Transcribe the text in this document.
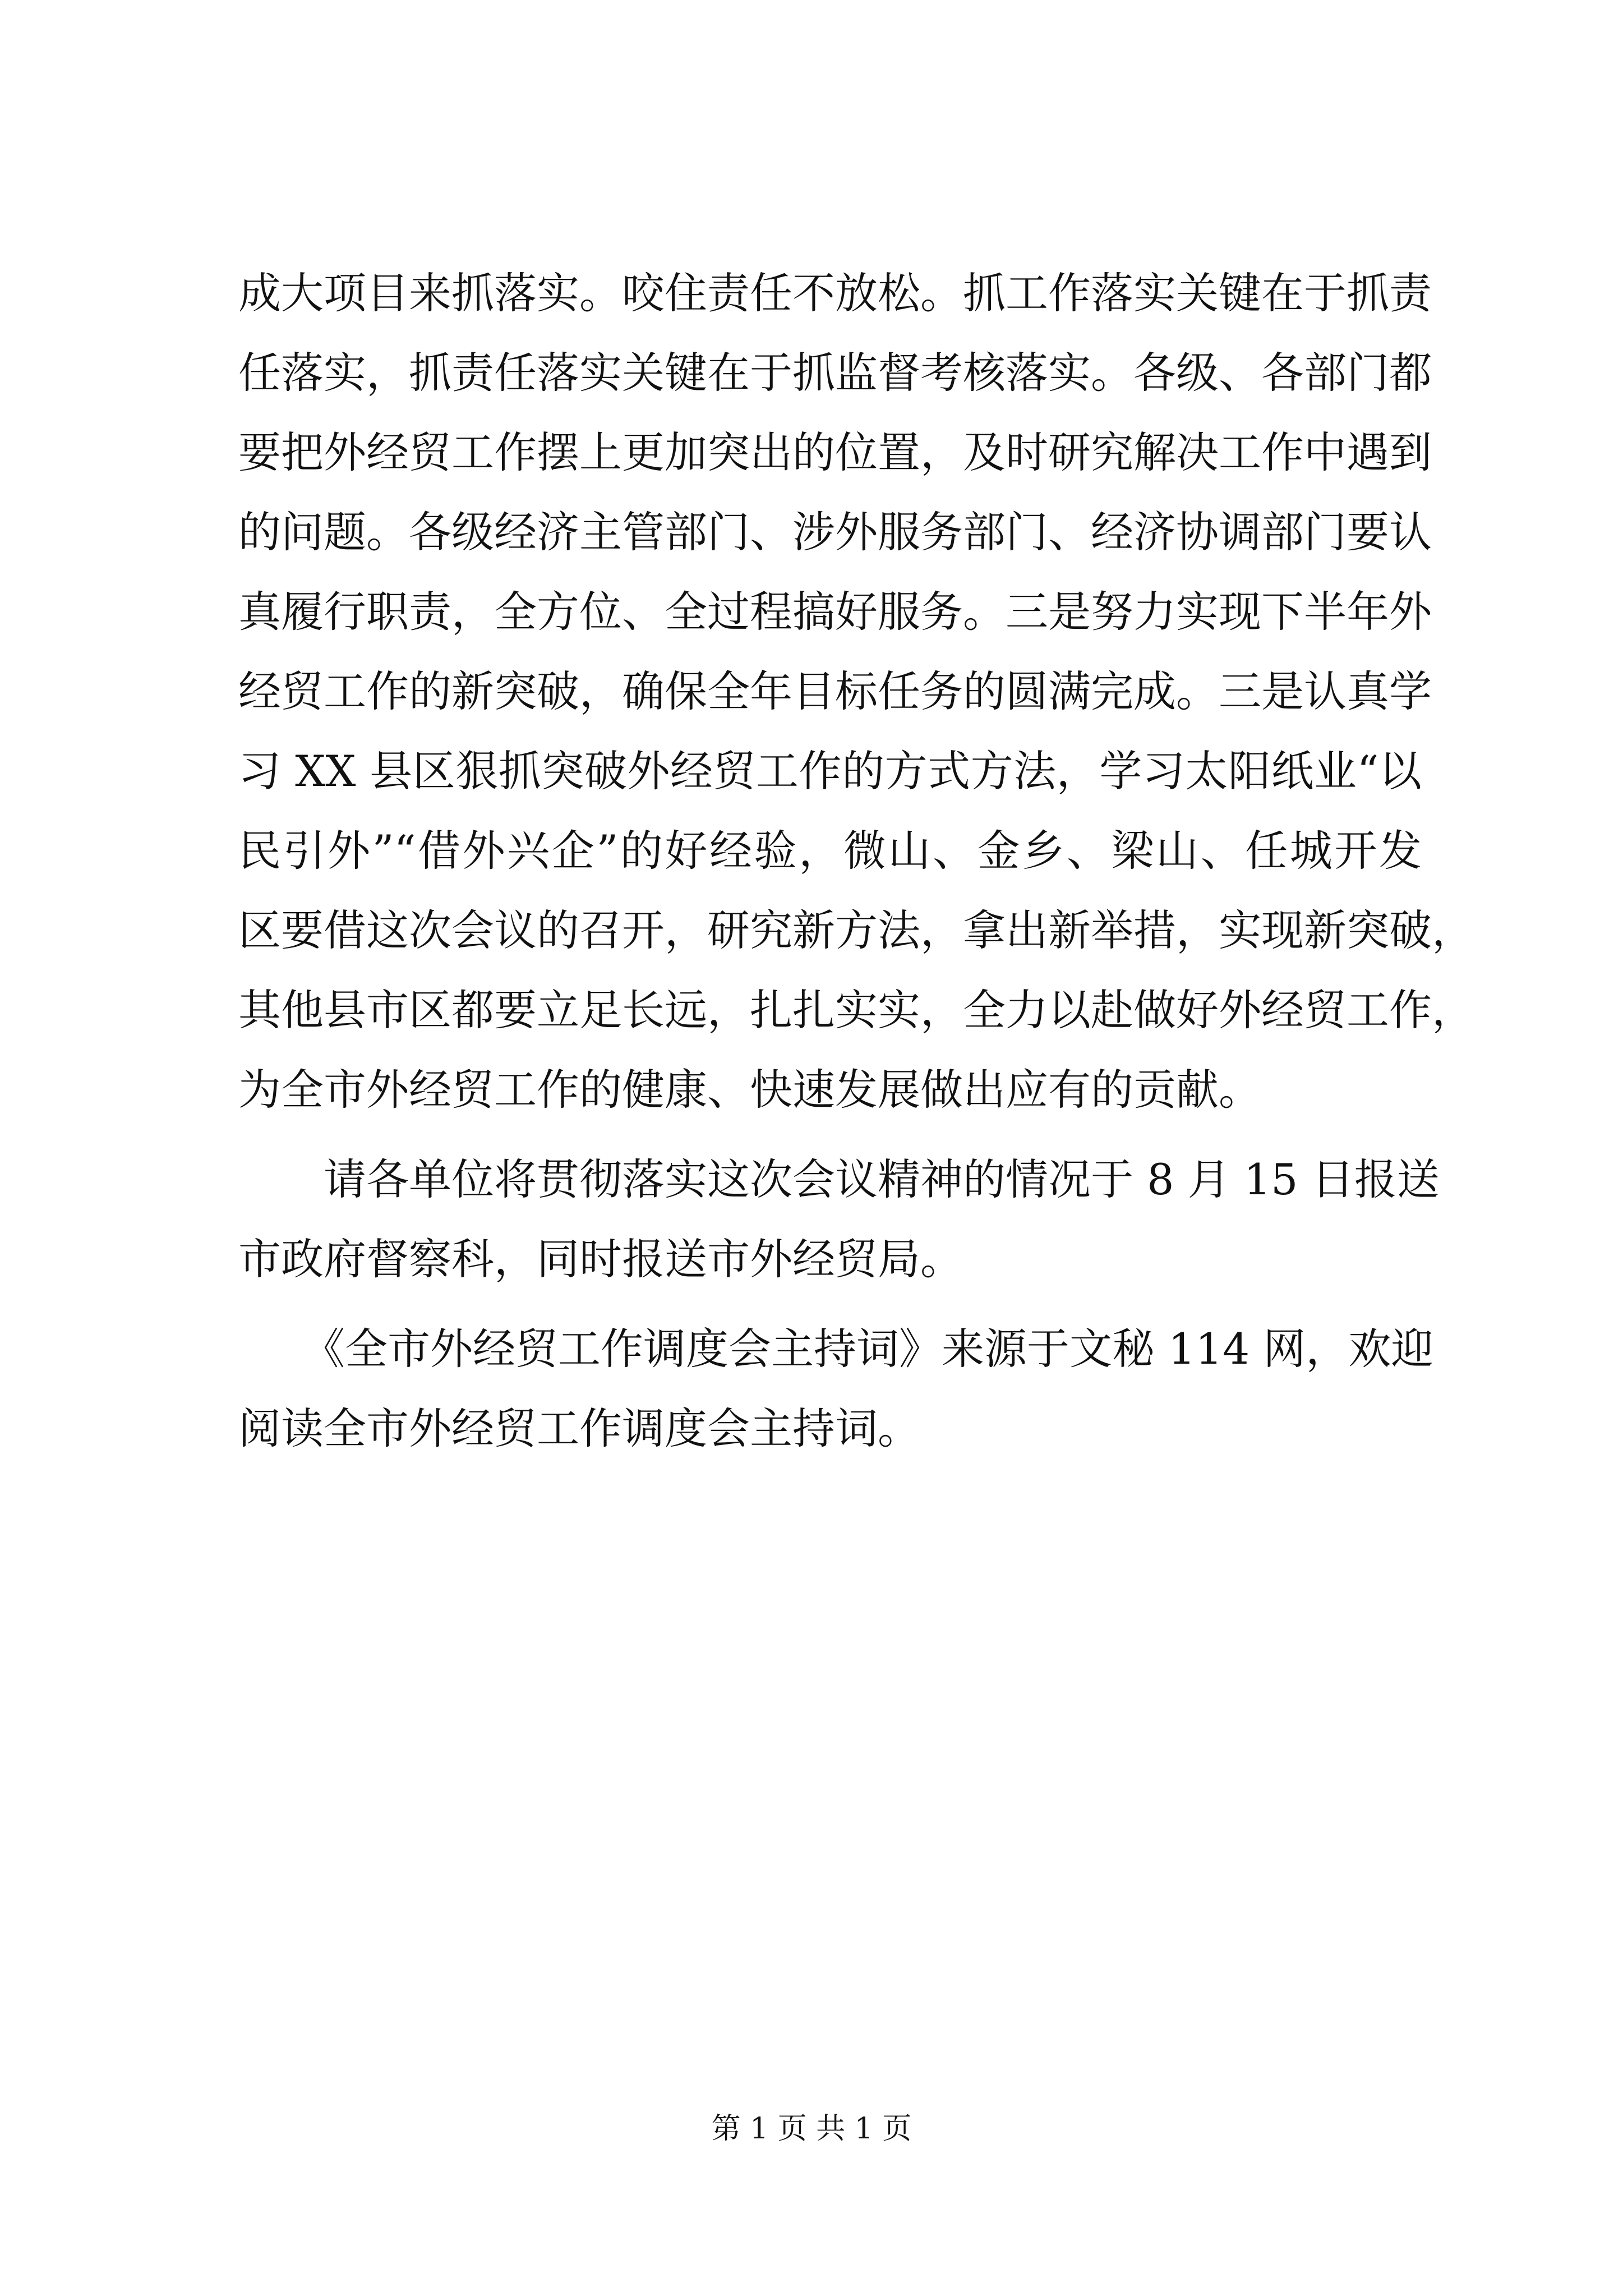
成大项目来抓落实。咬住责任不放松。抓工作落实关键在于抓责
任落实，抓责任落实关键在于抓监督考核落实。各级、各部门都
要把外经贸工作摆上更加突出的位置，及时研究解决工作中遇到
的问题。各级经济主管部门、涉外服务部门、经济协调部门要认
真履行职责，全方位、全过程搞好服务。三是努力实现下半年外
经贸工作的新突破，确保全年目标任务的圆满完成。三是认真学
习 XX 县区狠抓突破外经贸工作的方式方法，学习太阳纸业“以
民引外”“借外兴企”的好经验，微山、金乡、梁山、任城开发
区要借这次会议的召开，研究新方法，拿出新举措，实现新突破，
其他县市区都要立足长远，扎扎实实，全力以赴做好外经贸工作，
为全市外经贸工作的健康、快速发展做出应有的贡献。
　　请各单位将贯彻落实这次会议精神的情况于 8 月 15 日报送
市政府督察科，同时报送市外经贸局。
　　《全市外经贸工作调度会主持词》来源于文秘 114 网，欢迎
阅读全市外经贸工作调度会主持词。
第 1 页 共 1 页
